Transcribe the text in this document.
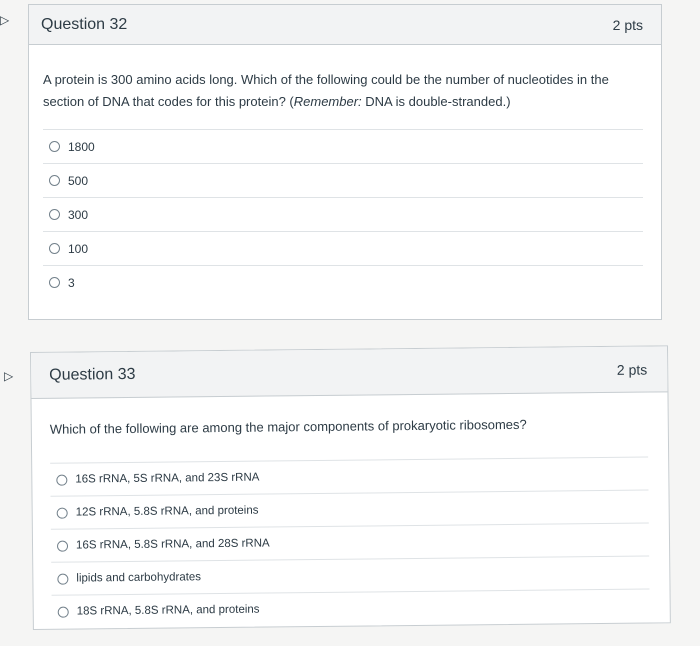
▷
▷
Question 32	2 pts
A protein is 300 amino acids long. Which of the following could be the number of nucleotides in the section of DNA that codes for this protein? (Remember: DNA is double-stranded.)
1800
500
300
100
3
Question 33	2 pts
Which of the following are among the major components of prokaryotic ribosomes?
16S rRNA, 5S rRNA, and 23S rRNA
12S rRNA, 5.8S rRNA, and proteins
16S rRNA, 5.8S rRNA, and 28S rRNA
lipids and carbohydrates
18S rRNA, 5.8S rRNA, and proteins
